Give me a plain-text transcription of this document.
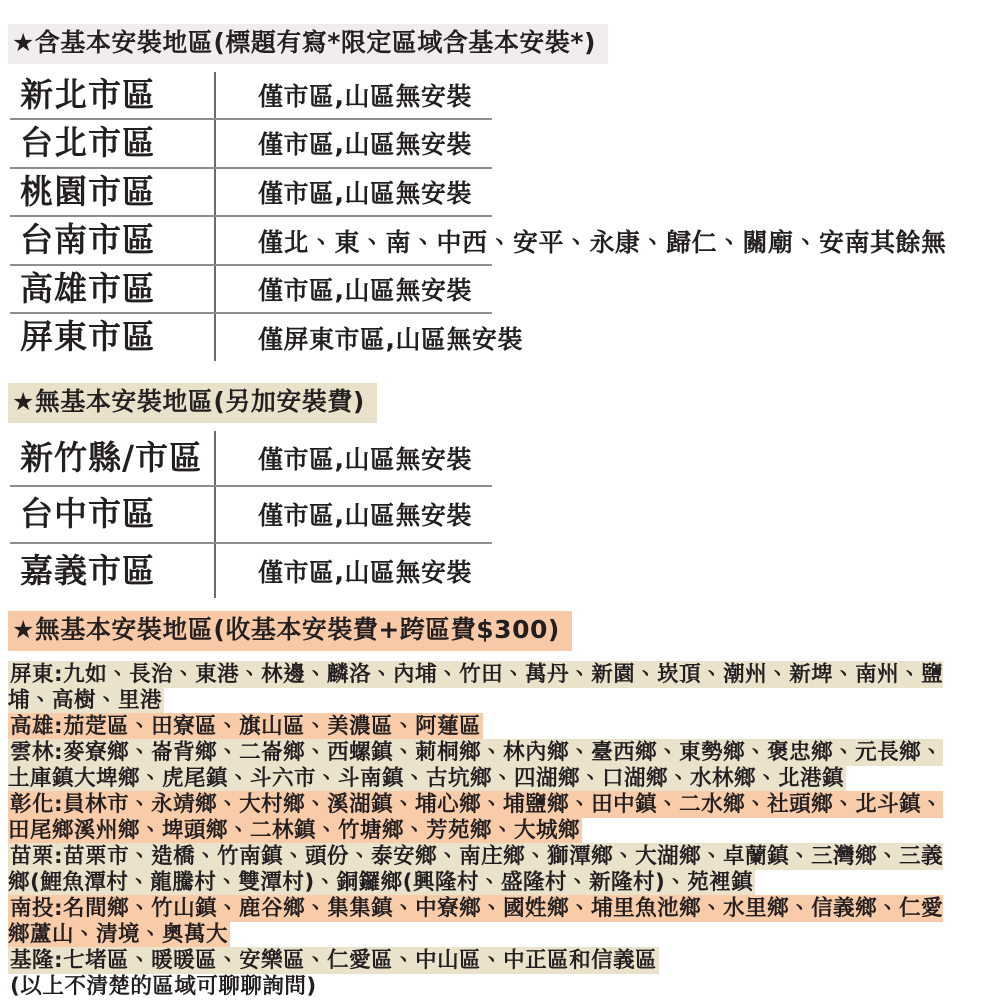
★含基本安裝地區(標題有寫*限定區域含基本安裝*)
新北市區	僅市區,山區無安裝
台北市區	僅市區,山區無安裝
桃園市區	僅市區,山區無安裝
台南市區	僅北、東、南、中西、安平、永康、歸仁、關廟、安南其餘無
高雄市區	僅市區,山區無安裝
屏東市區	僅屏東市區,山區無安裝
★無基本安裝地區(另加安裝費)
新竹縣/市區	僅市區,山區無安裝
台中市區	僅市區,山區無安裝
嘉義市區	僅市區,山區無安裝
★無基本安裝地區(收基本安裝費+跨區費$300)

屏東:九如、長治、東港、林邊、麟洛、內埔、竹田、萬丹、新園、崁頂、潮州、新埤、南州、鹽埔、高樹、里港

高雄:茄萣區、田寮區、旗山區、美濃區、阿蓮區

雲林:麥寮鄉、崙背鄉、二崙鄉、西螺鎮、莿桐鄉、林內鄉、臺西鄉、東勢鄉、褒忠鄉、元長鄉、土庫鎮大埤鄉、虎尾鎮、斗六市、斗南鎮、古坑鄉、四湖鄉、口湖鄉、水林鄉、北港鎮

彰化:員林市、永靖鄉、大村鄉、溪湖鎮、埔心鄉、埔鹽鄉、田中鎮、二水鄉、社頭鄉、北斗鎮、田尾鄉溪州鄉、埤頭鄉、二林鎮、竹塘鄉、芳苑鄉、大城鄉

苗栗:苗栗市、造橋、竹南鎮、頭份、泰安鄉、南庄鄉、獅潭鄉、大湖鄉、卓蘭鎮、三灣鄉、三義鄉(鯉魚潭村、龍騰村、雙潭村)、銅鑼鄉(興隆村、盛隆村、新隆村)、苑裡鎮

南投:名間鄉、竹山鎮、鹿谷鄉、集集鎮、中寮鄉、國姓鄉、埔里魚池鄉、水里鄉、信義鄉、仁愛鄉蘆山、清境、奧萬大

基隆:七堵區、暖暖區、安樂區、仁愛區、中山區、中正區和信義區

(以上不清楚的區域可聊聊詢問)
